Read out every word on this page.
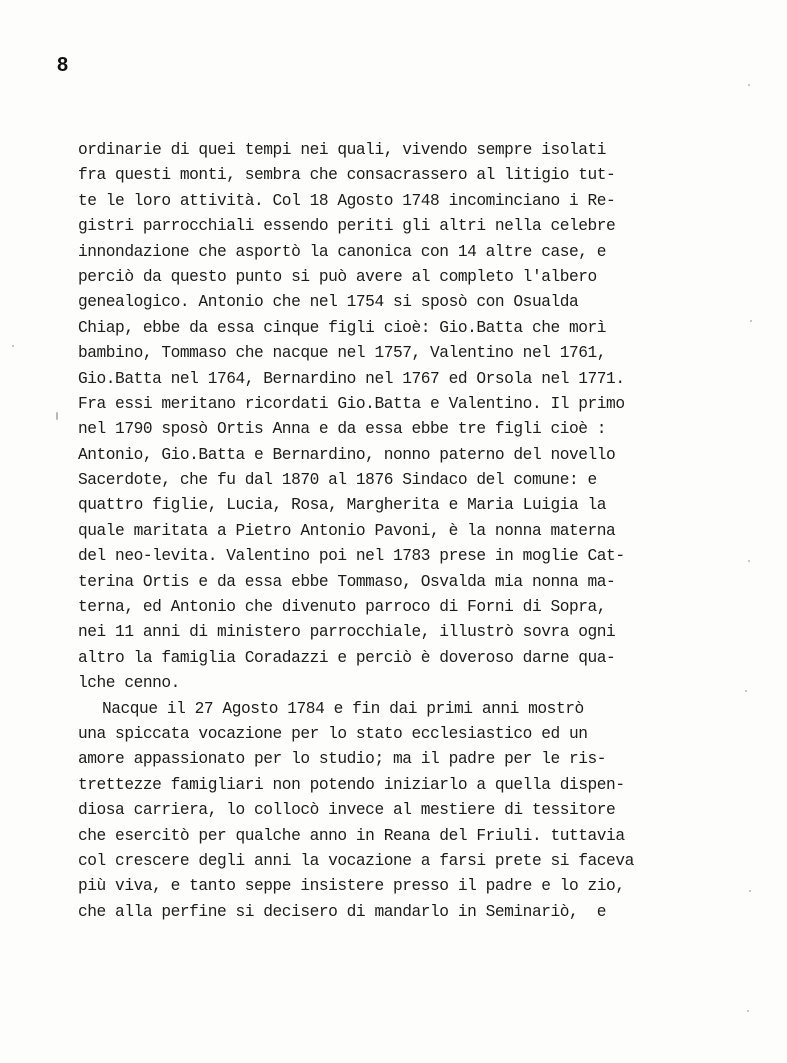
8
ordinarie di quei tempi nei quali, vivendo sempre isolati
fra questi monti, sembra che consacrassero al litigio tut-
te le loro attività. Col 18 Agosto 1748 incominciano i Re-
gistri parrocchiali essendo periti gli altri nella celebre
innondazione che asportò la canonica con 14 altre case, e
perciò da questo punto si può avere al completo l'albero
genealogico. Antonio che nel 1754 si sposò con Osualda
Chiap, ebbe da essa cinque figli cioè: Gio.Batta che morì
bambino, Tommaso che nacque nel 1757, Valentino nel 1761,
Gio.Batta nel 1764, Bernardino nel 1767 ed Orsola nel 1771.
Fra essi meritano ricordati Gio.Batta e Valentino. Il primo
nel 1790 sposò Ortis Anna e da essa ebbe tre figli cioè :
Antonio, Gio.Batta e Bernardino, nonno paterno del novello
Sacerdote, che fu dal 1870 al 1876 Sindaco del comune: e
quattro figlie, Lucia, Rosa, Margherita e Maria Luigia la
quale maritata a Pietro Antonio Pavoni, è la nonna materna
del neo-levita. Valentino poi nel 1783 prese in moglie Cat-
terina Ortis e da essa ebbe Tommaso, Osvalda mia nonna ma-
terna, ed Antonio che divenuto parroco di Forni di Sopra,
nei 11 anni di ministero parrocchiale, illustrò sovra ogni
altro la famiglia Coradazzi e perciò è doveroso darne qua-
lche cenno.
Nacque il 27 Agosto 1784 e fin dai primi anni mostrò
una spiccata vocazione per lo stato ecclesiastico ed un
amore appassionato per lo studio; ma il padre per le ris-
trettezze famigliari non potendo iniziarlo a quella dispen-
diosa carriera, lo collocò invece al mestiere di tessitore
che esercitò per qualche anno in Reana del Friuli. tuttavia
col crescere degli anni la vocazione a farsi prete si faceva
più viva, e tanto seppe insistere presso il padre e lo zio,
che alla perfine si decisero di mandarlo in Seminariò,  e
